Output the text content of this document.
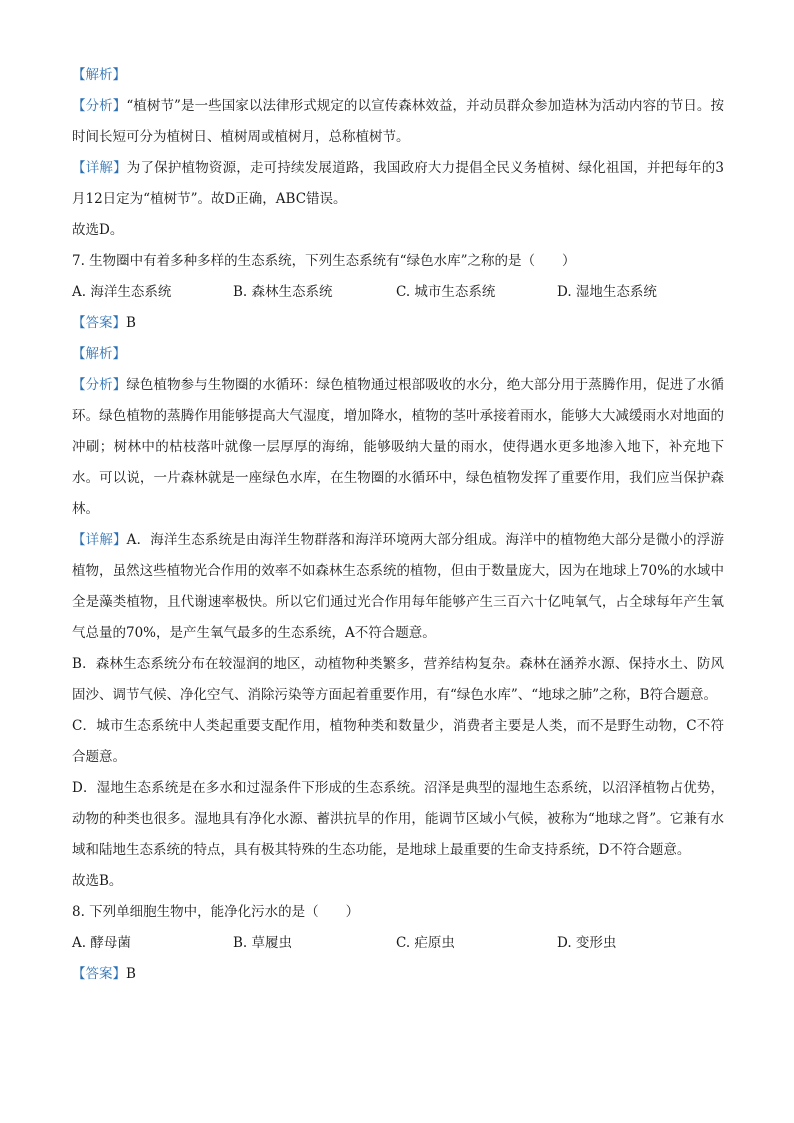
【解析】
【分析】“植树节”是一些国家以法律形式规定的以宣传森林效益，并动员群众参加造林为活动内容的节日。按时间长短可分为植树日、植树周或植树月，总称植树节。
【详解】为了保护植物资源，走可持续发展道路，我国政府大力提倡全民义务植树、绿化祖国，并把每年的3月12日定为“植树节”。故D正确，ABC错误。
故选D。
7. 生物圈中有着多种多样的生态系统，下列生态系统有“绿色水库”之称的是（　　）
A. 海洋生态系统	B. 森林生态系统	C. 城市生态系统	D. 湿地生态系统
【答案】B
【解析】
【分析】绿色植物参与生物圈的水循环：绿色植物通过根部吸收的水分，绝大部分用于蒸腾作用，促进了水循环。绿色植物的蒸腾作用能够提高大气湿度，增加降水，植物的茎叶承接着雨水，能够大大减缓雨水对地面的冲刷；树林中的枯枝落叶就像一层厚厚的海绵，能够吸纳大量的雨水，使得遇水更多地渗入地下，补充地下水。可以说，一片森林就是一座绿色水库，在生物圈的水循环中，绿色植物发挥了重要作用，我们应当保护森林。
【详解】A．海洋生态系统是由海洋生物群落和海洋环境两大部分组成。海洋中的植物绝大部分是微小的浮游植物，虽然这些植物光合作用的效率不如森林生态系统的植物，但由于数量庞大，因为在地球上70%的水域中全是藻类植物，且代谢速率极快。所以它们通过光合作用每年能够产生三百六十亿吨氧气，占全球每年产生氧气总量的70%，是产生氧气最多的生态系统，A不符合题意。
B．森林生态系统分布在较湿润的地区，动植物种类繁多，营养结构复杂。森林在涵养水源、保持水土、防风固沙、调节气候、净化空气、消除污染等方面起着重要作用，有“绿色水库”、“地球之肺”之称，B符合题意。
C．城市生态系统中人类起重要支配作用，植物种类和数量少，消费者主要是人类，而不是野生动物，C不符合题意。
D．湿地生态系统是在多水和过湿条件下形成的生态系统。沼泽是典型的湿地生态系统，以沼泽植物占优势，动物的种类也很多。湿地具有净化水源、蓄洪抗旱的作用，能调节区域小气候，被称为“地球之肾”。它兼有水域和陆地生态系统的特点，具有极其特殊的生态功能，是地球上最重要的生命支持系统，D不符合题意。
故选B。
8. 下列单细胞生物中，能净化污水的是（　　）
A. 酵母菌	B. 草履虫	C. 疟原虫	D. 变形虫
【答案】B
